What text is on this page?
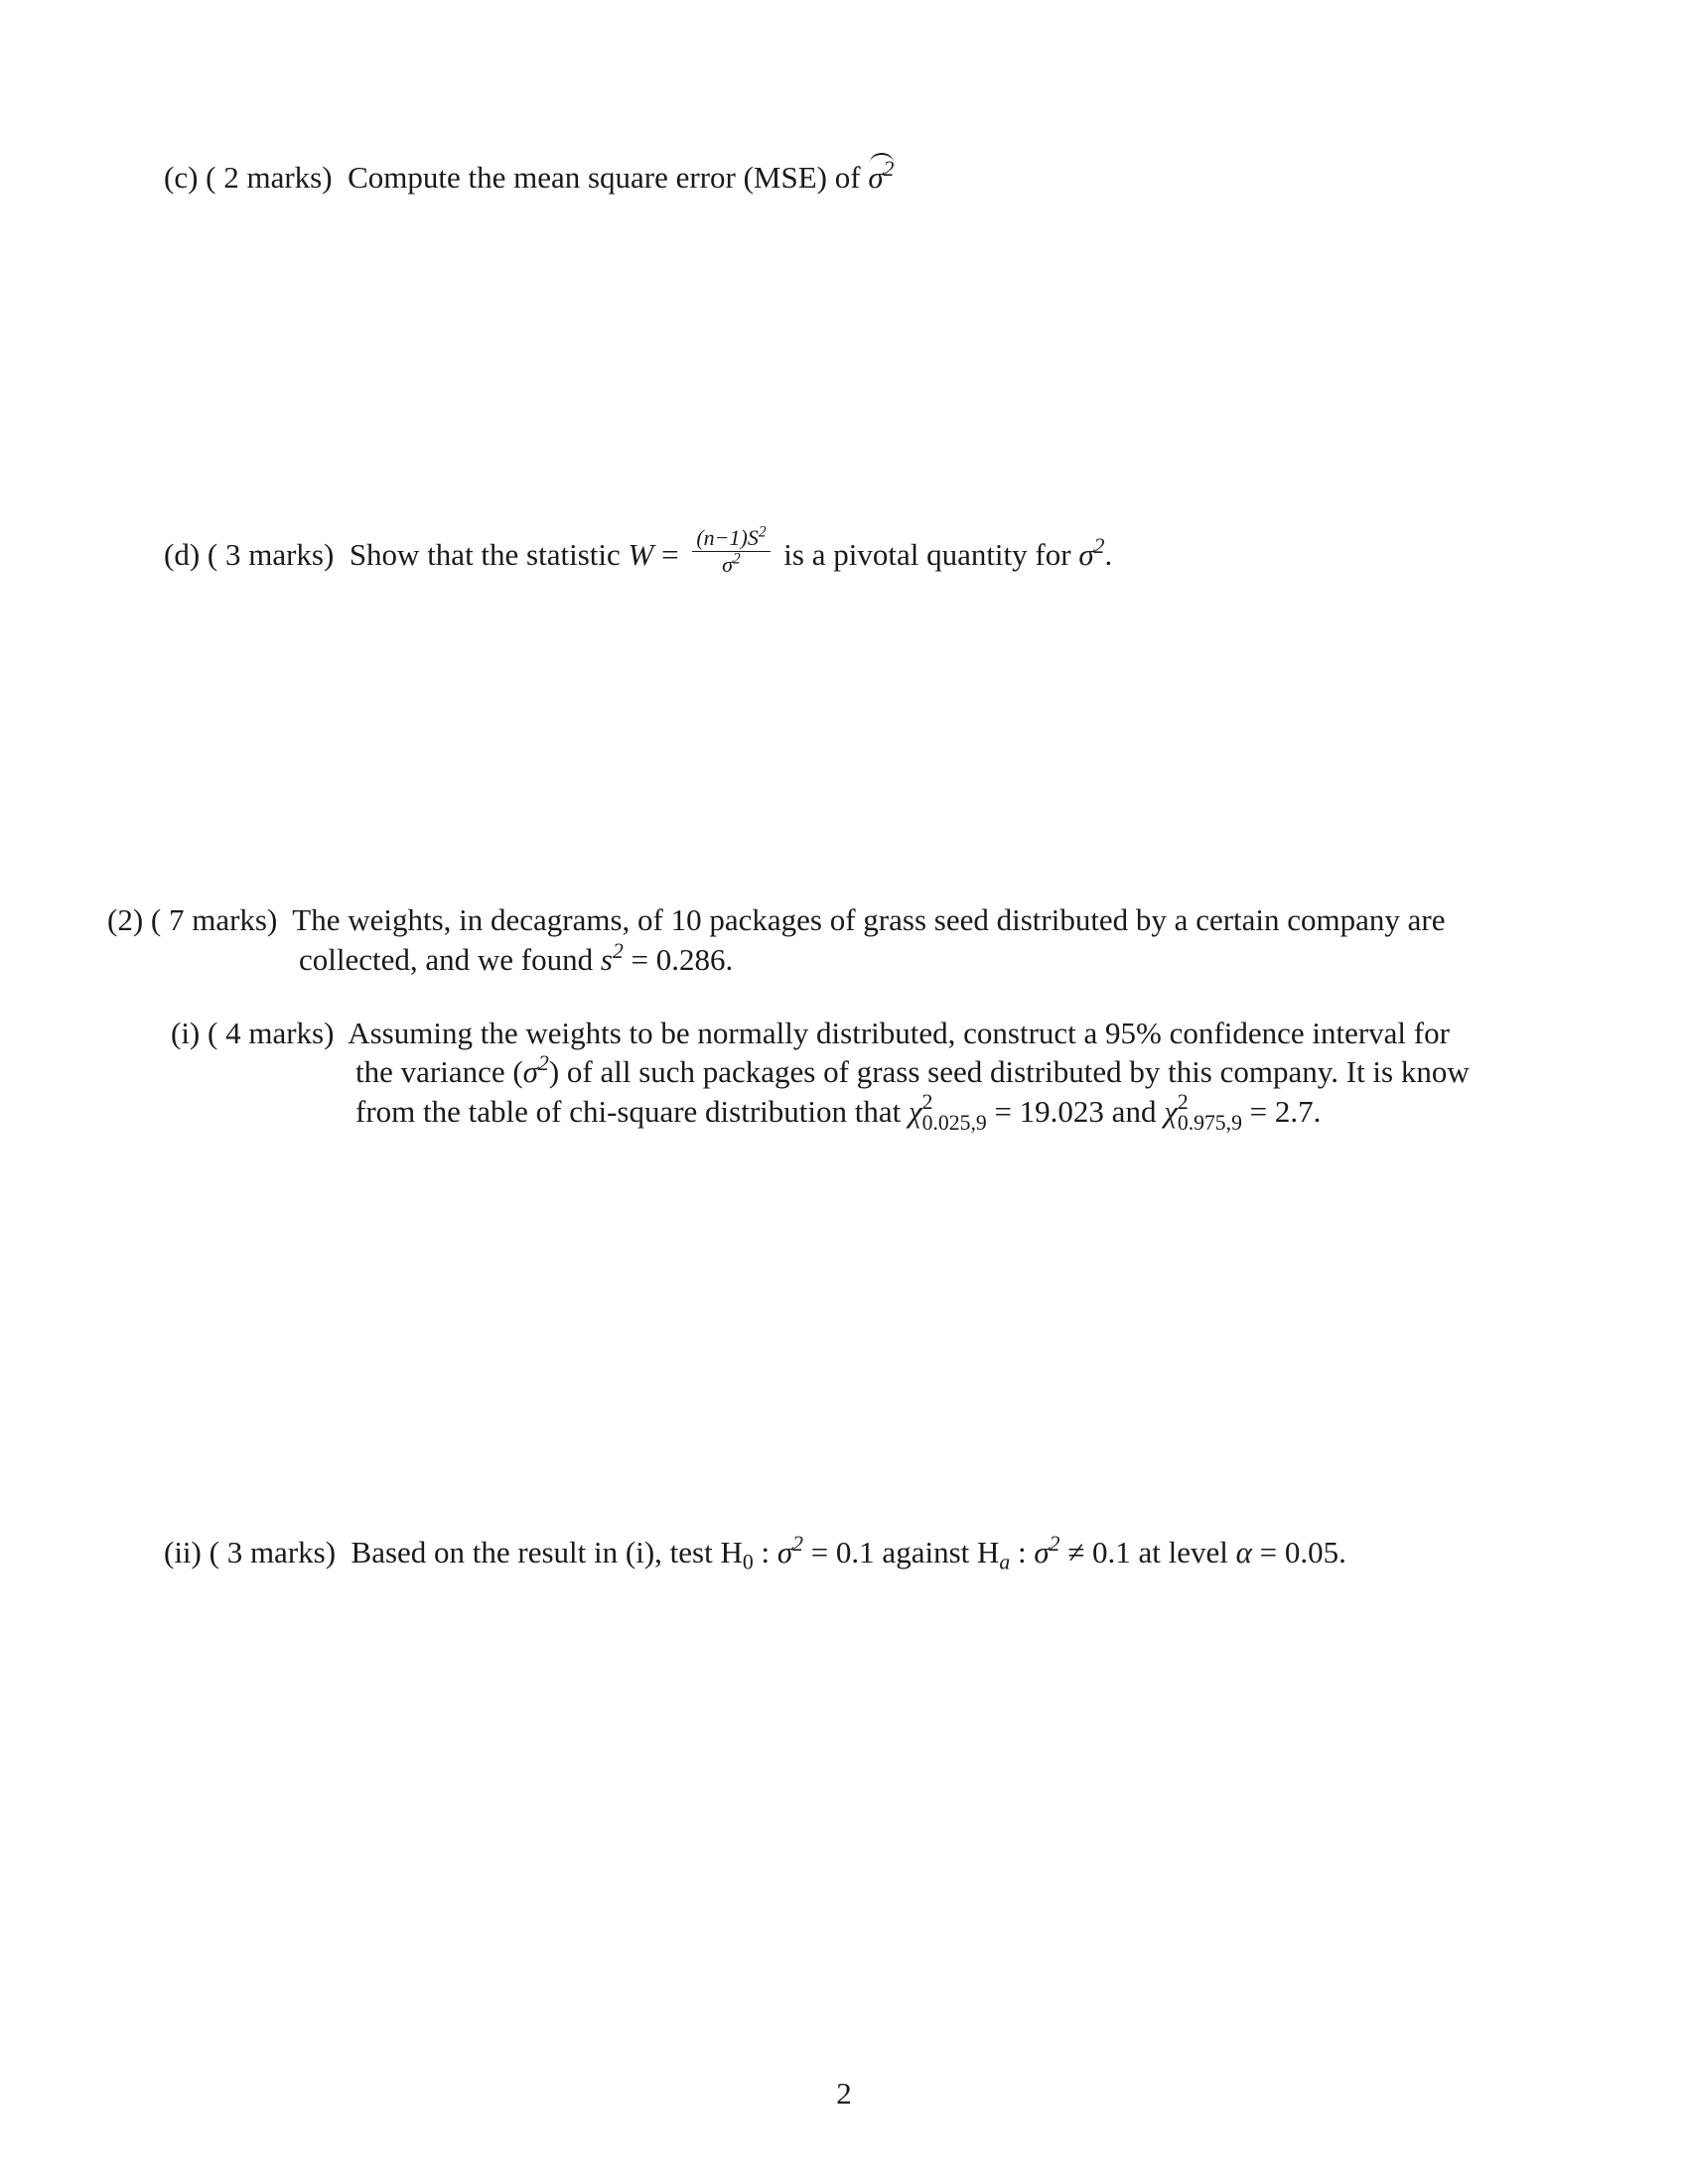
(c) ( 2 marks) Compute the mean square error (MSE) of $\sigma^2$
(d) ( 3 marks) Show that the statistic $W = \frac{(n-1)S^2}{\sigma^2}$ is a pivotal quantity for $\sigma^2$.
(2) ( 7 marks) The weights, in decagrams, of 10 packages of grass seed distributed by a certain company are
collected, and we found $s^2 = 0.286$.
(i) ( 4 marks) Assuming the weights to be normally distributed, construct a 95% confidence interval for
the variance $(\sigma^2)$ of all such packages of grass seed distributed by this company. It is know
from the table of chi-square distribution that χ 2
0.025,9 = 19.023 and χ 2
0.975,9 = 2.7.
(ii) ( 3 marks) Based on the result in (i), test $H_0$ : $\sigma^2 = 0.1$ against $H_a$ : $\sigma^2 \ne 0.1$ at level α = 0.05.
2
